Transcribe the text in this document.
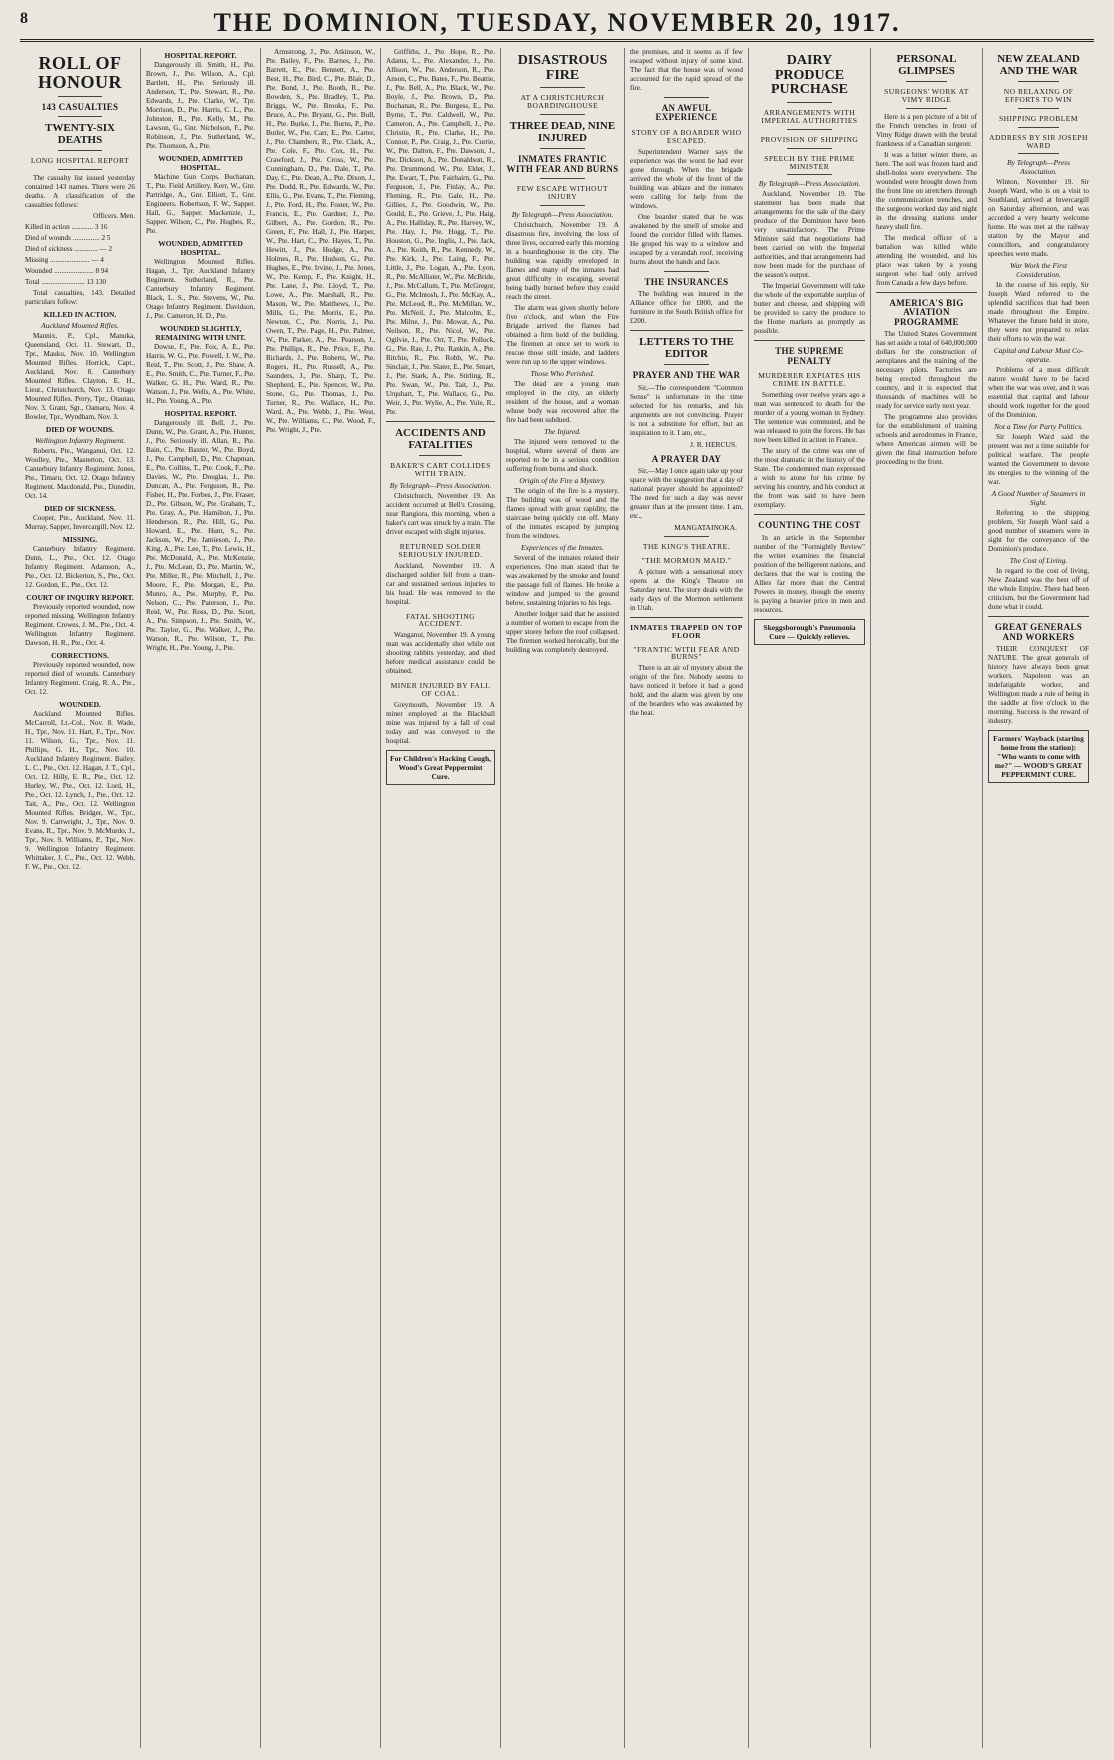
8	THE DOMINION, TUESDAY, NOVEMBER 20, 1917.
ROLL OF HONOUR
143 CASUALTIES
TWENTY-SIX DEATHS
LONG HOSPITAL REPORT

The casualty list issued yesterday contained 143 names. There were 26 deaths. A classification of the casualties follows:

Officers. Men.

Killed in action ............ 3 16

Died of wounds ............... 2 5

Died of sickness ............. — 2

Missing ...................... — 4

Wounded ...................... 8 94

Total ........................ 13 130

Total casualties, 143. Detailed particulars follow:

KILLED IN ACTION.
Auckland Mounted Rifles.

Mannix, P., Cpl., Manuka, Queensland, Oct. 11. Stewart, D., Tpr., Mauku, Nov. 10. Wellington Mounted Rifles. Horrick, Capt., Auckland, Nov. 8. Canterbury Mounted Rifles. Clayton, E. H., Lieut., Christchurch, Nov. 13. Otago Mounted Rifles. Perry, Tpr., Otautau, Nov. 3. Grant, Sgt., Oamaru, Nov. 4. Bowler, Tpr., Wyndham, Nov. 3.

DIED OF WOUNDS.
Wellington Infantry Regiment.

Roberts, Pte., Wanganui, Oct. 12. Woolley, Pte., Masterton, Oct. 13. Canterbury Infantry Regiment. Jones, Pte., Timaru, Oct. 12. Otago Infantry Regiment. Macdonald, Pte., Dunedin, Oct. 14.

DIED OF SICKNESS.

Cooper, Pte., Auckland, Nov. 11. Murray, Sapper, Invercargill, Nov. 12.

MISSING.

Canterbury Infantry Regiment. Dunn, L., Pte., Oct. 12. Otago Infantry Regiment. Adamson, A., Pte., Oct. 12. Bickerton, S., Pte., Oct. 12. Gordon, E., Pte., Oct. 12.

COURT OF INQUIRY REPORT.

Previously reported wounded, now reported missing. Wellington Infantry Regiment. Crewes, J. M., Pte., Oct. 4. Wellington Infantry Regiment. Dawson, H. R., Pte., Oct. 4.

CORRECTIONS.

Previously reported wounded, now reported died of wounds. Canterbury Infantry Regiment. Craig, R. A., Pte., Oct. 12.

WOUNDED.

Auckland Mounted Rifles. McCarroll, Lt.-Col., Nov. 8. Wade, H., Tpr., Nov. 11. Hart, F., Tpr., Nov. 11. Wilson, G., Tpr., Nov. 11. Phillips, G. H., Tpr., Nov. 10. Auckland Infantry Regiment. Bailey, L. C., Pte., Oct. 12. Hagan, J. T., Cpl., Oct. 12. Hilly, E. R., Pte., Oct. 12. Hurley, W., Pte., Oct. 12. Lord, H., Pte., Oct. 12. Lynch, J., Pte., Oct. 12. Tait, A., Pte., Oct. 12. Wellington Mounted Rifles. Bridger, W., Tpr., Nov. 9. Cartwright, J., Tpr., Nov. 9. Evans, R., Tpr., Nov. 9. McMurdo, J., Tpr., Nov. 9. Williams, P., Tpr., Nov. 9. Wellington Infantry Regiment. Whittaker, J. C., Pte., Oct. 12. Webb, F. W., Pte., Oct. 12.

HOSPITAL REPORT.

Dangerously ill. Smith, H., Pte. Brown, J., Pte. Wilson, A., Cpl. Bartlett, H., Pte. Seriously ill. Anderson, T., Pte. Stewart, R., Pte. Edwards, J., Pte. Clarke, W., Tpr. Morrison, D., Pte. Harris, C. L., Pte. Johnston, R., Pte. Kelly, M., Pte. Lawson, G., Gnr. Nicholson, F., Pte. Robinson, J., Pte. Sutherland, W., Pte. Thomson, A., Pte.

WOUNDED, ADMITTED HOSPITAL.

Machine Gun Corps. Buchanan, T., Pte. Field Artillery. Kerr, W., Gnr. Partridge, A., Gnr. Elliott, T., Gnr. Engineers. Robertson, F. W., Sapper. Hall, G., Sapper. Mackenzie, J., Sapper. Wilson, C., Pte. Hughes, R., Pte.

WOUNDED, ADMITTED HOSPITAL.

Wellington Mounted Rifles. Hagan, J., Tpr. Auckland Infantry Regiment. Sutherland, R., Pte. Canterbury Infantry Regiment. Black, L. S., Pte. Stevens, W., Pte. Otago Infantry Regiment. Davidson, J., Pte. Cameron, H. D., Pte.

WOUNDED SLIGHTLY, REMAINING WITH UNIT.

Dowse, F., Pte. Fox, A. E., Pte. Harris, W. G., Pte. Powell, J. W., Pte. Reid, T., Pte. Scott, J., Pte. Shaw, A. E., Pte. Smith, C., Pte. Turner, F., Pte. Walker, G. H., Pte. Ward, R., Pte. Watson, J., Pte. Wells, A., Pte. White, H., Pte. Young, A., Pte.

HOSPITAL REPORT.

Dangerously ill. Bell, J., Pte. Dunn, W., Pte. Grant, A., Pte. Hunter, J., Pte. Seriously ill. Allan, R., Pte. Bain, C., Pte. Baxter, W., Pte. Boyd, J., Pte. Campbell, D., Pte. Chapman, E., Pte. Collins, T., Pte. Cook, F., Pte. Davies, W., Pte. Douglas, J., Pte. Duncan, A., Pte. Ferguson, R., Pte. Fisher, H., Pte. Forbes, J., Pte. Fraser, D., Pte. Gibson, W., Pte. Graham, T., Pte. Gray, A., Pte. Hamilton, J., Pte. Henderson, R., Pte. Hill, G., Pte. Howard, E., Pte. Hunt, S., Pte. Jackson, W., Pte. Jamieson, J., Pte. King, A., Pte. Lee, T., Pte. Lewis, H., Pte. McDonald, A., Pte. McKenzie, J., Pte. McLean, D., Pte. Martin, W., Pte. Miller, R., Pte. Mitchell, J., Pte. Moore, F., Pte. Morgan, E., Pte. Munro, A., Pte. Murphy, P., Pte. Nelson, C., Pte. Paterson, J., Pte. Reid, W., Pte. Ross, D., Pte. Scott, A., Pte. Simpson, J., Pte. Smith, W., Pte. Taylor, G., Pte. Walker, J., Pte. Watson, R., Pte. Wilson, T., Pte. Wright, H., Pte. Young, J., Pte.

Armstrong, J., Pte. Atkinson, W., Pte. Bailey, F., Pte. Barnes, J., Pte. Barrett, E., Pte. Bennett, A., Pte. Best, H., Pte. Bird, C., Pte. Blair, D., Pte. Bond, J., Pte. Booth, R., Pte. Bowden, S., Pte. Bradley, T., Pte. Briggs, W., Pte. Brooks, F., Pte. Bruce, A., Pte. Bryant, G., Pte. Bull, H., Pte. Burke, J., Pte. Burns, P., Pte. Butler, W., Pte. Carr, E., Pte. Carter, J., Pte. Chambers, R., Pte. Clark, A., Pte. Cole, F., Pte. Cox, H., Pte. Crawford, J., Pte. Cross, W., Pte. Cunningham, D., Pte. Dale, T., Pte. Day, C., Pte. Dean, A., Pte. Dixon, J., Pte. Dodd, R., Pte. Edwards, W., Pte. Ellis, G., Pte. Evans, T., Pte. Fleming, J., Pte. Ford, H., Pte. Foster, W., Pte. Francis, E., Pte. Gardner, J., Pte. Gilbert, A., Pte. Gordon, R., Pte. Green, F., Pte. Hall, J., Pte. Harper, W., Pte. Hart, C., Pte. Hayes, T., Pte. Hewitt, J., Pte. Hodge, A., Pte. Holmes, R., Pte. Hudson, G., Pte. Hughes, E., Pte. Irvine, J., Pte. Jones, W., Pte. Kemp, F., Pte. Knight, H., Pte. Lane, J., Pte. Lloyd, T., Pte. Lowe, A., Pte. Marshall, R., Pte. Mason, W., Pte. Matthews, J., Pte. Mills, G., Pte. Morris, E., Pte. Newton, C., Pte. Norris, J., Pte. Owen, T., Pte. Page, H., Pte. Palmer, W., Pte. Parker, A., Pte. Pearson, J., Pte. Phillips, R., Pte. Price, F., Pte. Richards, J., Pte. Roberts, W., Pte. Rogers, H., Pte. Russell, A., Pte. Saunders, J., Pte. Sharp, T., Pte. Shepherd, E., Pte. Spencer, W., Pte. Stone, G., Pte. Thomas, J., Pte. Turner, R., Pte. Wallace, H., Pte. Ward, A., Pte. Webb, J., Pte. West, W., Pte. Williams, C., Pte. Wood, F., Pte. Wright, J., Pte.

Griffiths, J., Pte. Hope, R., Pte. Adams, L., Pte. Alexander, J., Pte. Allison, W., Pte. Anderson, R., Pte. Anson, C., Pte. Bates, F., Pte. Beattie, J., Pte. Bell, A., Pte. Black, W., Pte. Boyle, J., Pte. Brown, D., Pte. Buchanan, R., Pte. Burgess, E., Pte. Byrne, T., Pte. Caldwell, W., Pte. Cameron, A., Pte. Campbell, J., Pte. Christie, R., Pte. Clarke, H., Pte. Connor, P., Pte. Craig, J., Pte. Currie, W., Pte. Dalton, F., Pte. Dawson, J., Pte. Dickson, A., Pte. Donaldson, R., Pte. Drummond, W., Pte. Elder, J., Pte. Ewart, T., Pte. Fairbairn, G., Pte. Ferguson, J., Pte. Finlay, A., Pte. Fleming, R., Pte. Gale, H., Pte. Gillies, J., Pte. Goodwin, W., Pte. Gould, E., Pte. Grieve, J., Pte. Haig, A., Pte. Halliday, R., Pte. Harvey, W., Pte. Hay, J., Pte. Hogg, T., Pte. Houston, G., Pte. Inglis, J., Pte. Jack, A., Pte. Keith, R., Pte. Kennedy, W., Pte. Kirk, J., Pte. Laing, F., Pte. Little, J., Pte. Logan, A., Pte. Lyon, R., Pte. McAllister, W., Pte. McBride, J., Pte. McCallum, T., Pte. McGregor, G., Pte. McIntosh, J., Pte. McKay, A., Pte. McLeod, R., Pte. McMillan, W., Pte. McNeil, J., Pte. Malcolm, E., Pte. Milne, J., Pte. Mowat, A., Pte. Neilson, R., Pte. Nicol, W., Pte. Ogilvie, J., Pte. Orr, T., Pte. Pollock, G., Pte. Rae, J., Pte. Rankin, A., Pte. Ritchie, R., Pte. Robb, W., Pte. Sinclair, J., Pte. Slater, E., Pte. Smart, J., Pte. Stark, A., Pte. Stirling, R., Pte. Swan, W., Pte. Tait, J., Pte. Urquhart, T., Pte. Wallace, G., Pte. Weir, J., Pte. Wylie, A., Pte. Yule, R., Pte.

ACCIDENTS AND FATALITIES
BAKER'S CART COLLIDES WITH TRAIN.
By Telegraph—Press Association.

Christchurch, November 19. An accident occurred at Bell's Crossing, near Rangiora, this morning, when a baker's cart was struck by a train. The driver escaped with slight injuries.

RETURNED SOLDIER SERIOUSLY INJURED.

Auckland, November 19. A discharged soldier fell from a tram-car and sustained serious injuries to his head. He was removed to the hospital.

FATAL SHOOTING ACCIDENT.

Wanganui, November 19. A young man was accidentally shot while out shooting rabbits yesterday, and died before medical assistance could be obtained.

MINER INJURED BY FALL OF COAL.

Greymouth, November 19. A miner employed at the Blackball mine was injured by a fall of coal today and was conveyed to the hospital.

For Children's Hacking Cough, Wood's Great Peppermint Cure.
DISASTROUS FIRE
AT A CHRISTCHURCH BOARDINGHOUSE
THREE DEAD, NINE INJURED
INMATES FRANTIC WITH FEAR AND BURNS
FEW ESCAPE WITHOUT INJURY
By Telegraph—Press Association.

Christchurch, November 19. A disastrous fire, involving the loss of three lives, occurred early this morning in a boardinghouse in the city. The building was rapidly enveloped in flames and many of the inmates had great difficulty in escaping, several being badly burned before they could reach the street.

The alarm was given shortly before five o'clock, and when the Fire Brigade arrived the flames had obtained a firm hold of the building. The firemen at once set to work to rescue those still inside, and ladders were run up to the upper windows.

Those Who Perished.

The dead are a young man employed in the city, an elderly resident of the house, and a woman whose body was recovered after the fire had been subdued.

The Injured.

The injured were removed to the hospital, where several of them are reported to be in a serious condition suffering from burns and shock.

Origin of the Fire a Mystery.

The origin of the fire is a mystery. The building was of wood and the flames spread with great rapidity, the staircase being quickly cut off. Many of the inmates escaped by jumping from the windows.

Experiences of the Inmates.

Several of the inmates related their experiences. One man stated that he was awakened by the smoke and found the passage full of flames. He broke a window and jumped to the ground below, sustaining injuries to his legs.

Another lodger said that he assisted a number of women to escape from the upper storey before the roof collapsed. The firemen worked heroically, but the building was completely destroyed.

the premises, and it seems as if few escaped without injury of some kind. The fact that the house was of wood accounted for the rapid spread of the fire.

AN AWFUL EXPERIENCE
STORY OF A BOARDER WHO ESCAPED.

Superintendent Warner says the experience was the worst he had ever gone through. When the brigade arrived the whole of the front of the building was ablaze and the inmates were calling for help from the windows.

One boarder stated that he was awakened by the smell of smoke and found the corridor filled with flames. He groped his way to a window and escaped by a verandah roof, receiving burns about the hands and face.

THE INSURANCES

The building was insured in the Alliance office for £800, and the furniture in the South British office for £200.

LETTERS TO THE EDITOR
PRAYER AND THE WAR

Sir,—The correspondent "Common Sense" is unfortunate in the time selected for his remarks, and his arguments are not convincing. Prayer is not a substitute for effort, but an inspiration to it. I am, etc.,

J. R. HERCUS.
A PRAYER DAY

Sir,—May I once again take up your space with the suggestion that a day of national prayer should be appointed? The need for such a day was never greater than at the present time. I am, etc.,

MANGATAINOKA.
THE KING'S THEATRE.
"THE MORMON MAID."

A picture with a sensational story opens at the King's Theatre on Saturday next. The story deals with the early days of the Mormon settlement in Utah.

INMATES TRAPPED ON TOP FLOOR
"FRANTIC WITH FEAR AND BURNS"

There is an air of mystery about the origin of the fire. Nobody seems to have noticed it before it had a good hold, and the alarm was given by one of the boarders who was awakened by the heat.

DAIRY PRODUCE PURCHASE
ARRANGEMENTS WITH IMPERIAL AUTHORITIES
PROVISION OF SHIPPING
SPEECH BY THE PRIME MINISTER
By Telegraph—Press Association.

Auckland, November 19. The statement has been made that arrangements for the sale of the dairy produce of the Dominion have been very unsatisfactory. The Prime Minister said that negotiations had been carried on with the Imperial authorities, and that arrangements had now been made for the purchase of the season's output.

The Imperial Government will take the whole of the exportable surplus of butter and cheese, and shipping will be provided to carry the produce to the Home markets as promptly as possible.

THE SUPREME PENALTY
MURDERER EXPIATES HIS CRIME IN BATTLE.

Something over twelve years ago a man was sentenced to death for the murder of a young woman in Sydney. The sentence was commuted, and he was released to join the forces. He has now been killed in action in France.

The story of the crime was one of the most dramatic in the history of the State. The condemned man expressed a wish to atone for his crime by serving his country, and his conduct at the front was said to have been exemplary.

COUNTING THE COST

In an article in the September number of the "Fortnightly Review" the writer examines the financial position of the belligerent nations, and declares that the war is costing the Allies far more than the Central Powers in money, though the enemy is paying a heavier price in men and resources.

Skeggsborough's Pneumonia Cure — Quickly relieves.
PERSONAL GLIMPSES
SURGEONS' WORK AT VIMY RIDGE

Here is a pen picture of a bit of the French trenches in front of Vimy Ridge drawn with the brutal frankness of a Canadian surgeon:

It was a bitter winter there, as here. The soil was frozen hard and shell-holes were everywhere. The wounded were brought down from the front line on stretchers through the communication trenches, and the surgeons worked day and night in the dressing stations under heavy shell fire.

The medical officer of a battalion was killed while attending the wounded, and his place was taken by a young surgeon who had only arrived from Canada a few days before.

AMERICA'S BIG AVIATION PROGRAMME

The United States Government has set aside a total of 640,000,000 dollars for the construction of aeroplanes and the training of the necessary pilots. Factories are being erected throughout the country, and it is expected that thousands of machines will be ready for service early next year.

The programme also provides for the establishment of training schools and aerodromes in France, where American airmen will be given the final instruction before proceeding to the front.

NEW ZEALAND AND THE WAR
NO RELAXING OF EFFORTS TO WIN
SHIPPING PROBLEM
ADDRESS BY SIR JOSEPH WARD
By Telegraph—Press Association.

Winton, November 19. Sir Joseph Ward, who is on a visit to Southland, arrived at Invercargill on Saturday afternoon, and was accorded a very hearty welcome home. He was met at the railway station by the Mayor and councillors, and congratulatory speeches were made.

War Work the First Consideration.

In the course of his reply, Sir Joseph Ward referred to the splendid sacrifices that had been made throughout the Empire. Whatever the future held in store, they were not prepared to relax their efforts to win the war.

Capital and Labour Must Co-operate.

Problems of a most difficult nature would have to be faced when the war was over, and it was essential that capital and labour should work together for the good of the Dominion.

Not a Time for Party Politics.

Sir Joseph Ward said the present was not a time suitable for political warfare. The people wanted the Government to devote its energies to the winning of the war.

A Good Number of Steamers in Sight.

Referring to the shipping problem, Sir Joseph Ward said a good number of steamers were in sight for the conveyance of the Dominion's produce.

The Cost of Living.

In regard to the cost of living, New Zealand was the best off of the whole Empire. There had been criticism, but the Government had done what it could.

GREAT GENERALS AND WORKERS

THEIR CONQUEST OF NATURE. The great generals of history have always been great workers. Napoleon was an indefatigable worker, and Wellington made a rule of being in the saddle at five o'clock in the morning. Success is the reward of industry.

Farmers' Wayback (starting home from the station): "Who wants to come with me?" — WOOD'S GREAT PEPPERMINT CURE.
